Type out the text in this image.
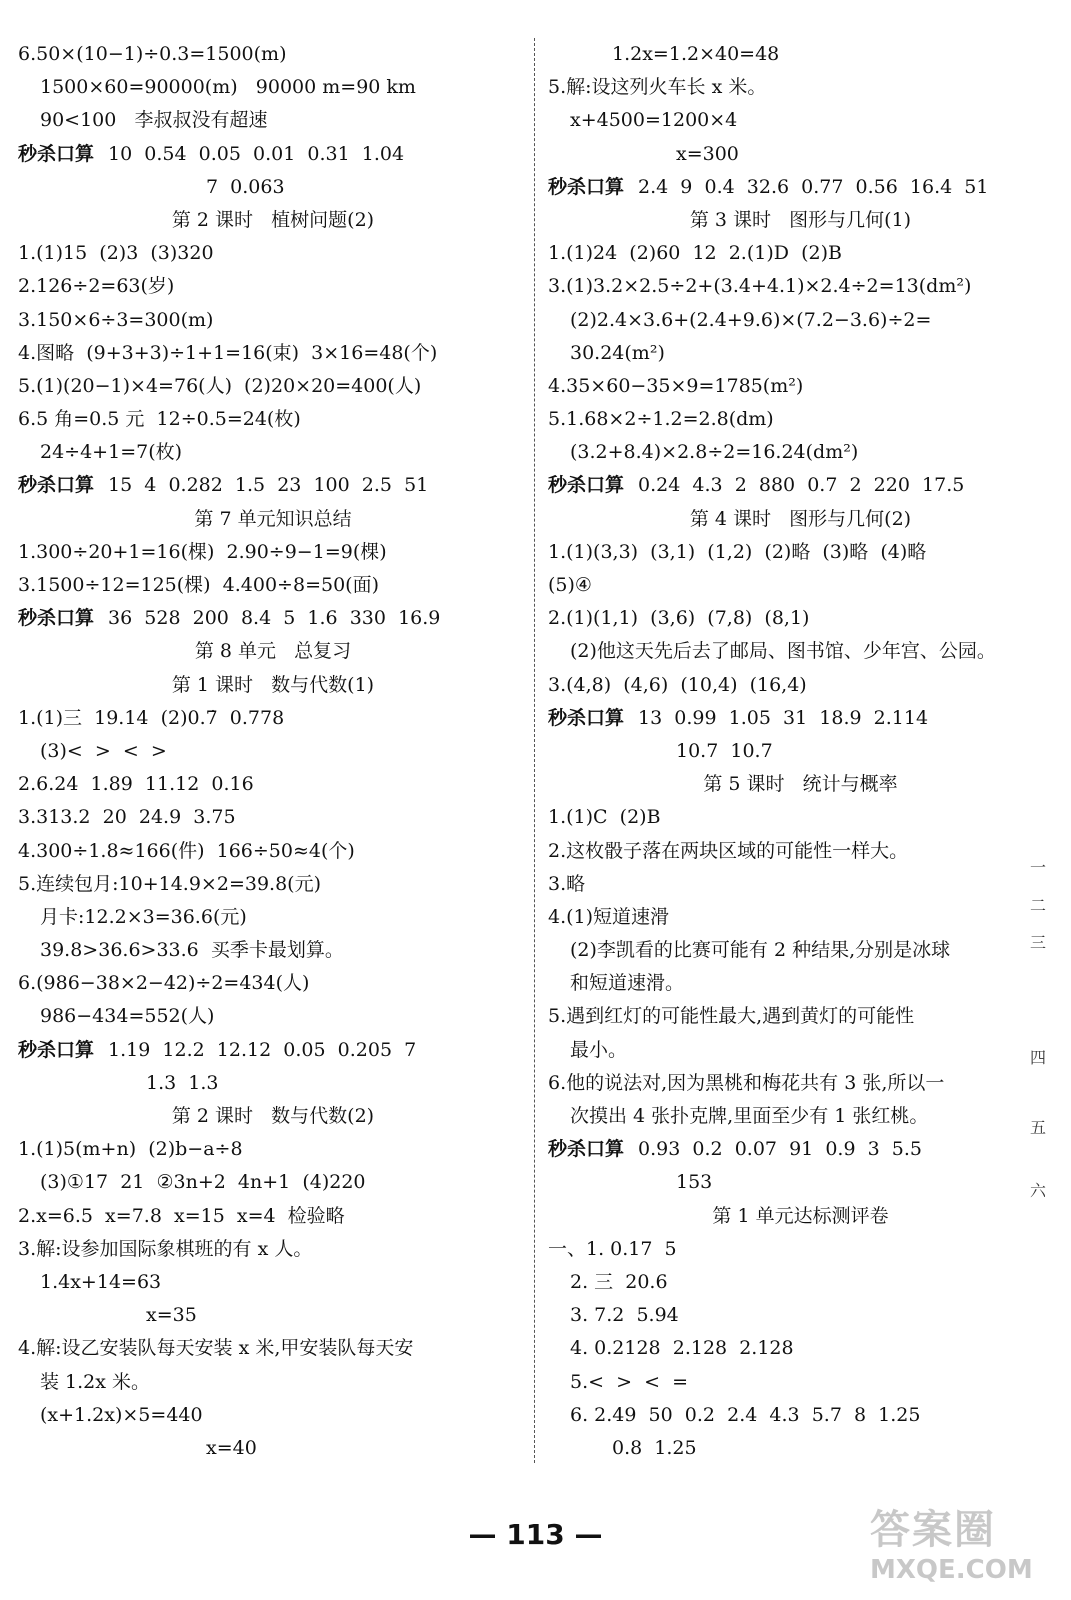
6.50×(10−1)÷0.3=1500(m)
1500×60=90000(m)   90000 m=90 km
90<100   李叔叔没有超速
秒杀口算 10  0.54  0.05  0.01  0.31  1.04
7  0.063
第 2 课时   植树问题(2)
1.(1)15  (2)3  (3)320
2.126÷2=63(岁)
3.150×6÷3=300(m)
4.图略  (9+3+3)÷1+1=16(束)  3×16=48(个)
5.(1)(20−1)×4=76(人)  (2)20×20=400(人)
6.5 角=0.5 元  12÷0.5=24(枚)
24÷4+1=7(枚)
秒杀口算 15  4  0.282  1.5  23  100  2.5  51
第 7 单元知识总结
1.300÷20+1=16(棵)  2.90÷9−1=9(棵)
3.1500÷12=125(棵)  4.400÷8=50(面)
秒杀口算 36  528  200  8.4  5  1.6  330  16.9
第 8 单元   总复习
第 1 课时   数与代数(1)
1.(1)三  19.14  (2)0.7̇  0.778
(3)<  >  <  >
2.6.24  1.89  11.12  0.16
3.313.2  20  24.9  3.75
4.300÷1.8≈166(件)  166÷50≈4(个)
5.连续包月:10+14.9×2=39.8(元)
月卡:12.2×3=36.6(元)
39.8>36.6>33.6  买季卡最划算。
6.(986−38×2−42)÷2=434(人)
986−434=552(人)
秒杀口算 1.19  12.2  12.12  0.05  0.205  7
1.3  1.3
第 2 课时   数与代数(2)
1.(1)5(m+n)  (2)b−a÷8
(3)①17  21  ②3n+2  4n+1  (4)220
2.x=6.5  x=7.8  x=15  x=4  检验略
3.解:设参加国际象棋班的有 x 人。
1.4x+14=63
x=35
4.解:设乙安装队每天安装 x 米,甲安装队每天安
装 1.2x 米。
(x+1.2x)×5=440
x=40
1.2x=1.2×40=48
5.解:设这列火车长 x 米。
x+4500=1200×4
x=300
秒杀口算 2.4  9  0.4  32.6  0.77  0.56  16.4  51
第 3 课时   图形与几何(1)
1.(1)24  (2)60  12  2.(1)D  (2)B
3.(1)3.2×2.5÷2+(3.4+4.1)×2.4÷2=13(dm²)
(2)2.4×3.6+(2.4+9.6)×(7.2−3.6)÷2=
30.24(m²)
4.35×60−35×9=1785(m²)
5.1.68×2÷1.2=2.8(dm)
(3.2+8.4)×2.8÷2=16.24(dm²)
秒杀口算 0.24  4.3  2  880  0.7  2  220  17.5
第 4 课时   图形与几何(2)
1.(1)(3,3)  (3,1)  (1,2)  (2)略  (3)略  (4)略
(5)④
2.(1)(1,1)  (3,6)  (7,8)  (8,1)
(2)他这天先后去了邮局、图书馆、少年宫、公园。
3.(4,8)  (4,6)  (10,4)  (16,4)
秒杀口算 13  0.99  1.05  31  18.9  2.114
10.7  10.7
第 5 课时   统计与概率
1.(1)C  (2)B
2.这枚骰子落在两块区域的可能性一样大。
3.略
4.(1)短道速滑
(2)李凯看的比赛可能有 2 种结果,分别是冰球
和短道速滑。
5.遇到红灯的可能性最大,遇到黄灯的可能性
最小。
6.他的说法对,因为黑桃和梅花共有 3 张,所以一
次摸出 4 张扑克牌,里面至少有 1 张红桃。
秒杀口算 0.93  0.2  0.07  91  0.9  3  5.5
153
第 1 单元达标测评卷
一、1. 0.17  5
2. 三  20.6
3. 7.2  5.94
4. 0.2128  2.128  2.128
5.<  >  <  =
6. 2.49  50  0.2  2.4  4.3  5.7  8  1.25
0.8  1.25
一
二
三
四
五
六
— 113 —	答案圈
MXQE.COM
